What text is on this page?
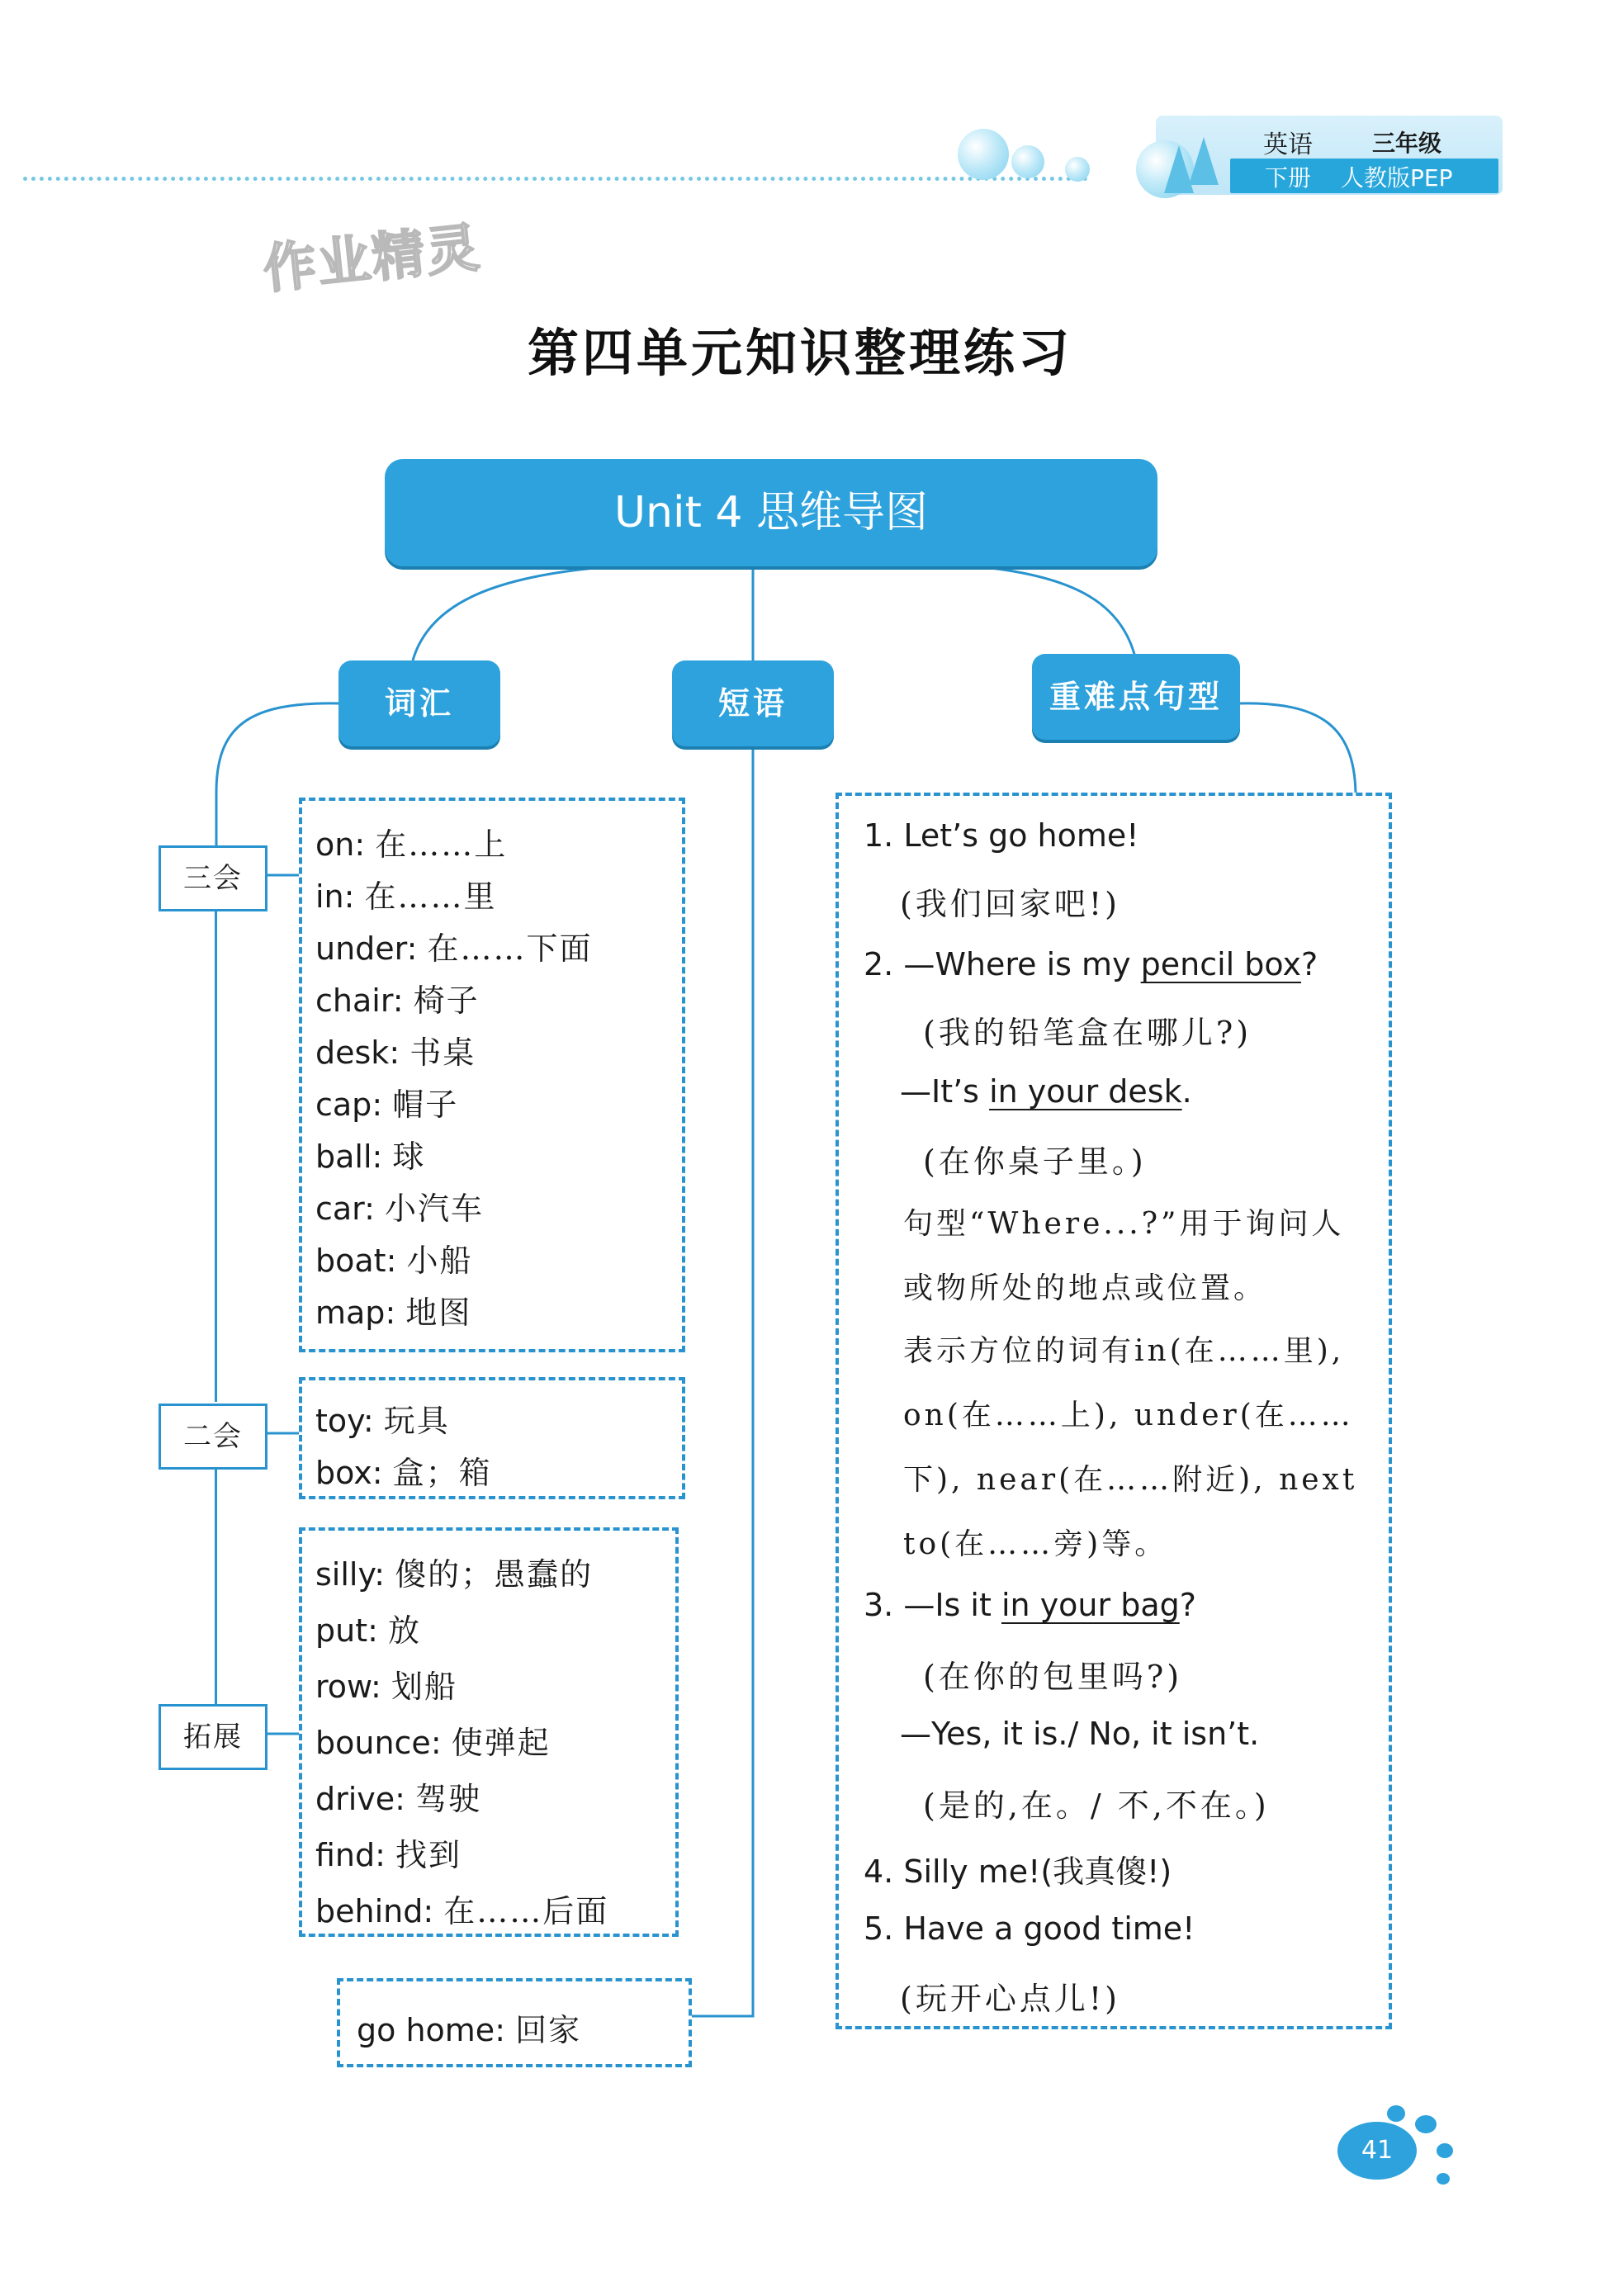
英语	三年级
下册 人教版PEP
作业精灵
第四单元知识整理练习
Unit 4 思维导图
词汇	短语	重难点句型
三会
二会
拓展
on: 在……上
in: 在……里
under: 在……下面
chair: 椅子
desk: 书桌
cap: 帽子
ball: 球
car: 小汽车
boat: 小船
map: 地图
toy: 玩具
box: 盒；箱
silly: 傻的；愚蠢的
put: 放
row: 划船
bounce: 使弹起
drive: 驾驶
find: 找到
behind: 在……后面
go home: 回家
1. Let’s go home!
(我们回家吧!)
2. —Where is my pencil box?
(我的铅笔盒在哪儿?)
—It’s in your desk.
(在你桌子里。)
句型“Where...?”用于询问人
或物所处的地点或位置。
表示方位的词有in(在……里),
on(在……上), under(在……
下), near(在……附近), next
to(在……旁)等。
3. —Is it in your bag?
(在你的包里吗?)
—Yes, it is./ No, it isn’t.
(是的,在。/ 不,不在。)
4. Silly me!(我真傻!)
5. Have a good time!
(玩开心点儿!)
41
